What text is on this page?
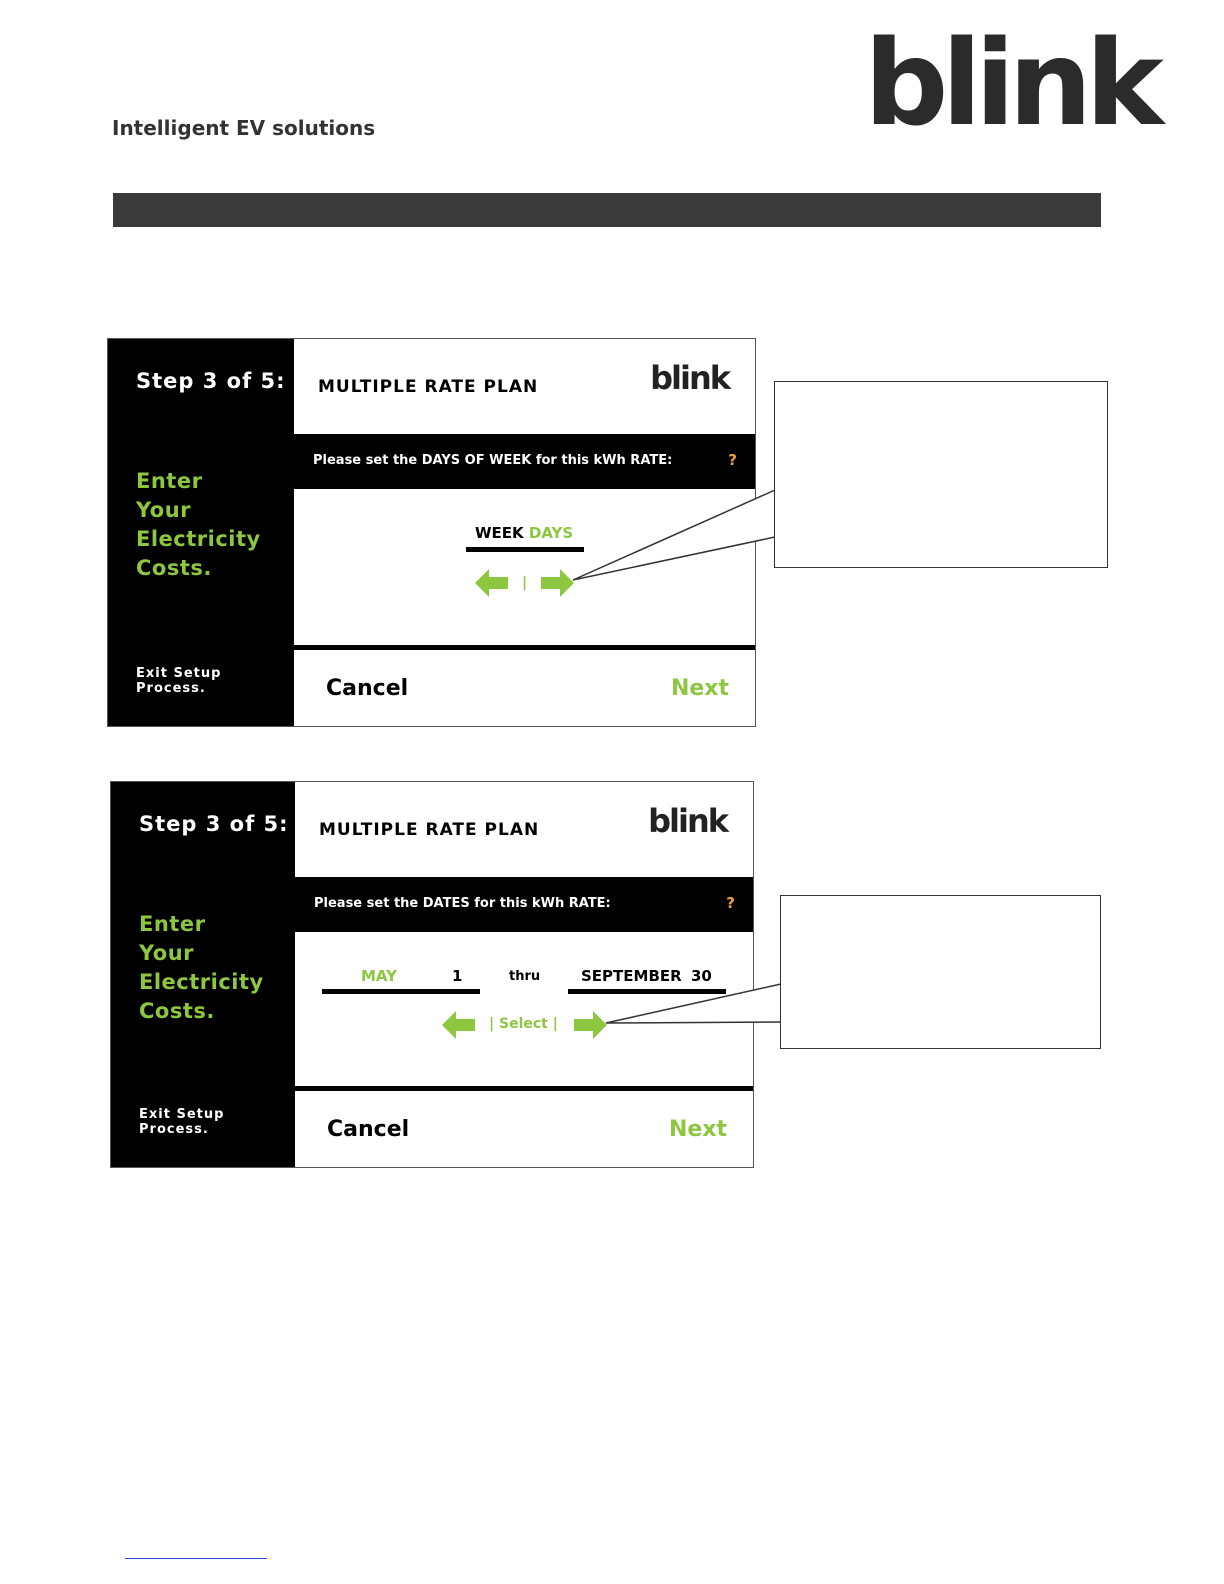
Intelligent EV solutions	blink
Step 3 of 5:
Enter
Your
Electricity
Costs.
Exit Setup Process.
MULTIPLE RATE PLAN	blink
Please set the DAYS OF WEEK for this kWh RATE:	?
WEEK DAYS
|
Cancel	Next
Step 3 of 5:
Enter
Your
Electricity
Costs.
Exit Setup Process.
MULTIPLE RATE PLAN	blink
Please set the DATES for this kWh RATE:	?
MAY	1	thru	SEPTEMBER 30
| Select |
Cancel	Next
